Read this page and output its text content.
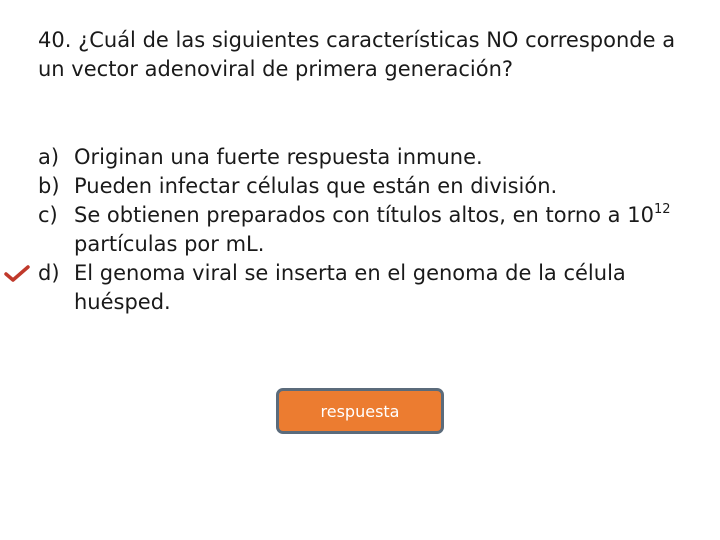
40. ¿Cuál de las siguientes características NO corresponde a un vector adenoviral de primera generación?

a) Originan una fuerte respuesta inmune.
b) Pueden infectar células que están en división.
c) Se obtienen preparados con títulos altos, en torno a $10^{12}$ partículas por mL.
d) El genoma viral se inserta en el genoma de la célula huésped.
respuesta
